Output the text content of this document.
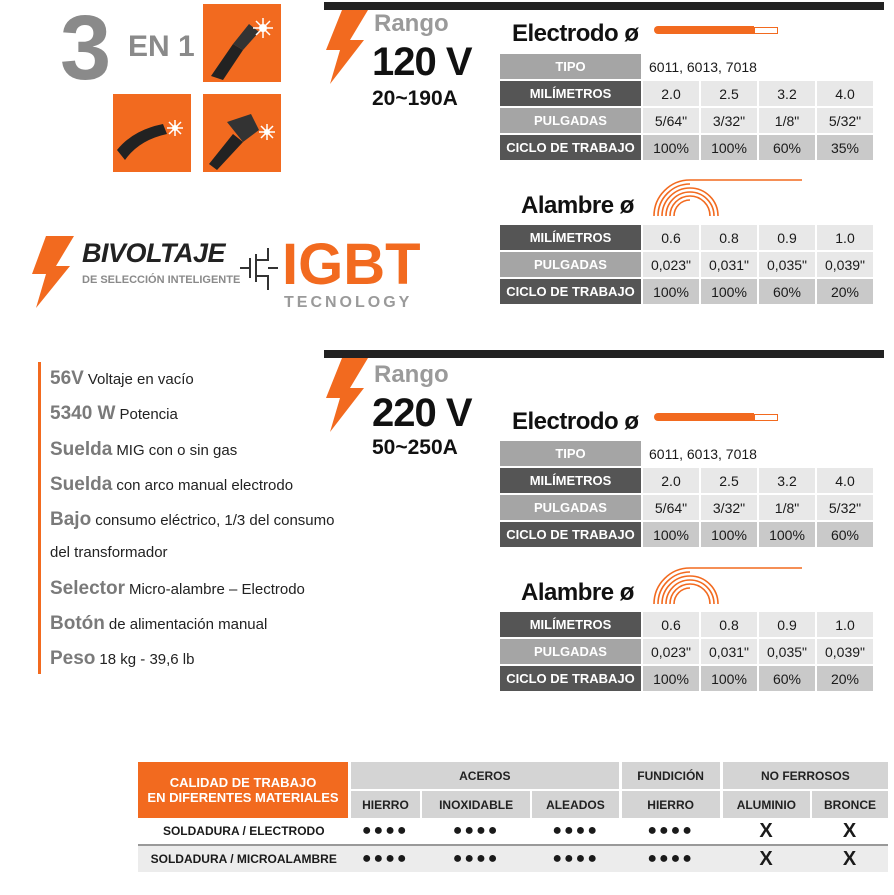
3 EN 1
BIVOLTAJE
DE SELECCIÓN INTELIGENTE IGBT
TECNOLOGY
Rango
120 V
20~190A
Electrodo ø
TIPO	6011, 6013, 7018			
MILÍMETROS	2.0	2.5	3.2	4.0
PULGADAS	5/64"	3/32"	1/8"	5/32"
CICLO DE TRABAJO	100%	100%	60%	35%
Alambre ø
MILÍMETROS	0.6	0.8	0.9	1.0
PULGADAS	0,023"	0,031"	0,035"	0,039"
CICLO DE TRABAJO	100%	100%	60%	20%
Rango
220 V
50~250A
Electrodo ø
TIPO	6011, 6013, 7018			
MILÍMETROS	2.0	2.5	3.2	4.0
PULGADAS	5/64"	3/32"	1/8"	5/32"
CICLO DE TRABAJO	100%	100%	100%	60%
Alambre ø
MILÍMETROS	0.6	0.8	0.9	1.0
PULGADAS	0,023"	0,031"	0,035"	0,039"
CICLO DE TRABAJO	100%	100%	60%	20%
56V Voltaje en vacío
5340 W Potencia
Suelda MIG con o sin gas
Suelda con arco manual electrodo
Bajo consumo eléctrico, 1/3 del consumo
del transformador
Selector Micro-alambre – Electrodo
Botón de alimentación manual
Peso 18 kg - 39,6 lb
CALIDAD DE TRABAJO
EN DIFERENTES MATERIALES	ACEROS			FUNDICIÓN	NO FERROSOS	
	HIERRO	INOXIDABLE	ALEADOS	HIERRO	ALUMINIO	BRONCE
SOLDADURA / ELECTRODO	●●●●	●●●●	●●●●	●●●●	X	X
SOLDADURA / MICROALAMBRE	●●●●	●●●●	●●●●	●●●●	X	X
